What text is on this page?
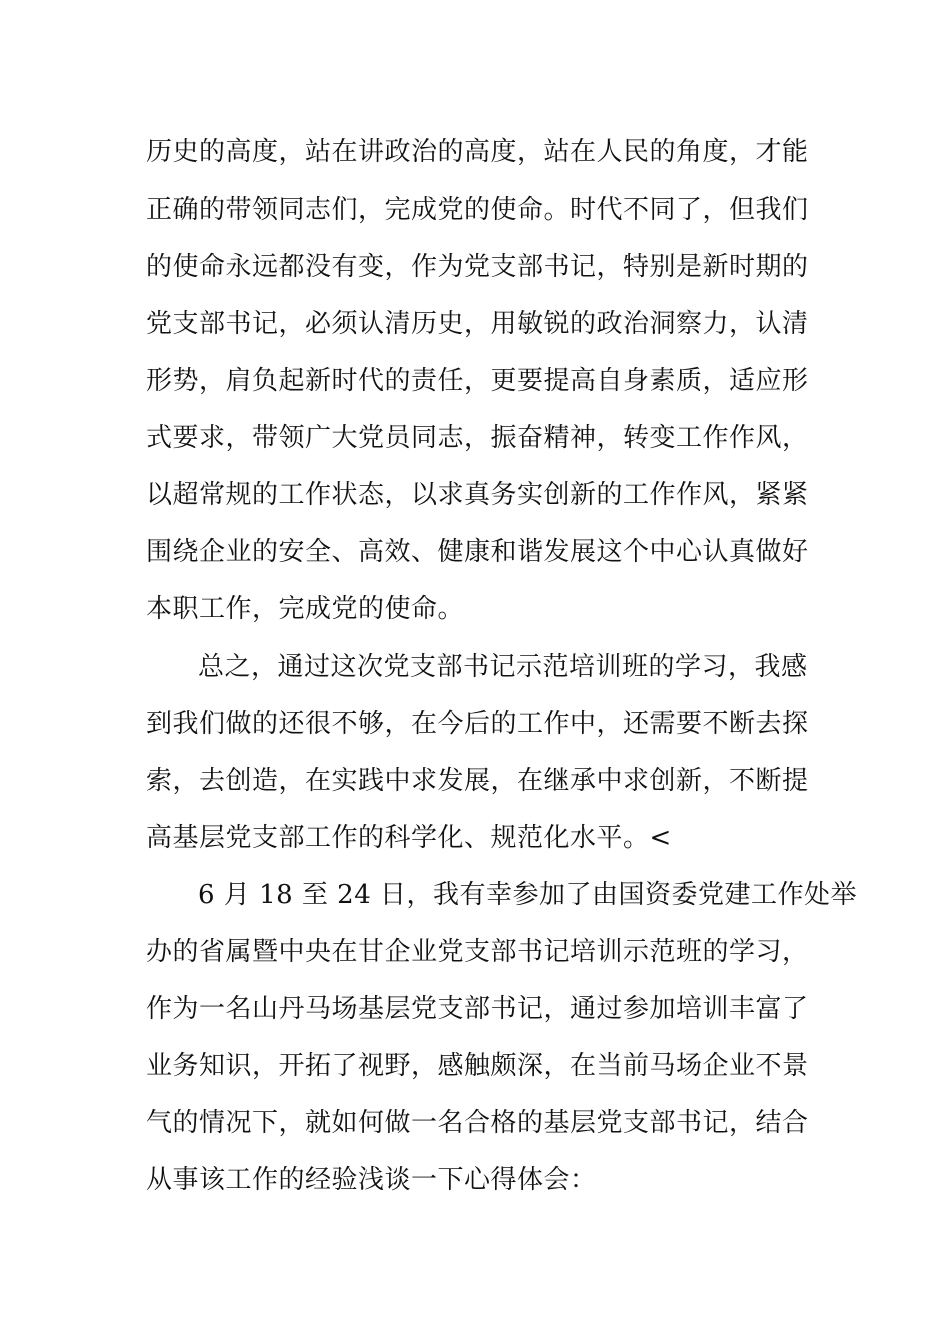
历史的高度，站在讲政治的高度，站在人民的角度，才能
正确的带领同志们，完成党的使命。时代不同了，但我们
的使命永远都没有变，作为党支部书记，特别是新时期的
党支部书记，必须认清历史，用敏锐的政治洞察力，认清
形势，肩负起新时代的责任，更要提高自身素质，适应形
式要求，带领广大党员同志，振奋精神，转变工作作风，
以超常规的工作状态，以求真务实创新的工作作风，紧紧
围绕企业的安全、高效、健康和谐发展这个中心认真做好
本职工作，完成党的使命。
总之，通过这次党支部书记示范培训班的学习，我感
到我们做的还很不够，在今后的工作中，还需要不断去探
索，去创造，在实践中求发展，在继承中求创新，不断提
高基层党支部工作的科学化、规范化水平。<
6 月 18 至 24 日，我有幸参加了由国资委党建工作处举
办的省属暨中央在甘企业党支部书记培训示范班的学习，
作为一名山丹马场基层党支部书记，通过参加培训丰富了
业务知识，开拓了视野，感触颇深，在当前马场企业不景
气的情况下，就如何做一名合格的基层党支部书记，结合
从事该工作的经验浅谈一下心得体会：
